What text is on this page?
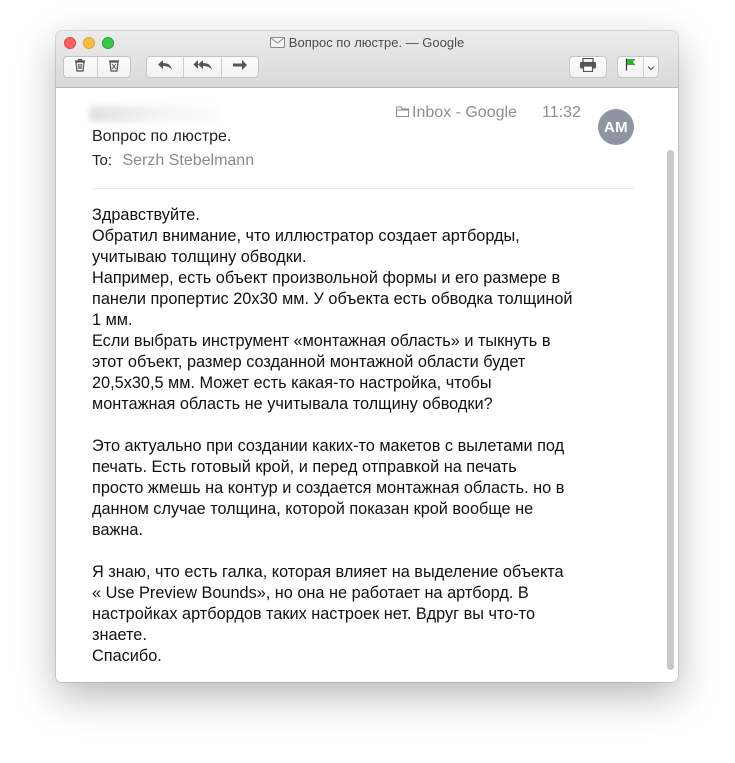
Вопрос по люстре. — Google
Вопрос по люстре.
To: Serzh Stebelmann
Inbox - Google 11:32
AM
Здравствуйте.
Обратил внимание, что иллюстратор создает артборды,
учитываю толщину обводки.
Например, есть объект произвольной формы и его размере в
панели пропертис 20х30 мм. У объекта есть обводка толщиной
1 мм.
Если выбрать инструмент «монтажная область» и тыкнуть в
этот объект, размер созданной монтажной области будет
20,5х30,5 мм. Может есть какая-то настройка, чтобы
монтажная область не учитывала толщину обводки?
Это актуально при создании каких-то макетов с вылетами под
печать. Есть готовый крой, и перед отправкой на печать
просто жмешь на контур и создается монтажная область. но в
данном случае толщина, которой показан крой вообще не
важна.
Я знаю, что есть галка, которая влияет на выделение объекта
« Use Preview Bounds», но она не работает на артборд. В
настройках артбордов таких настроек нет. Вдруг вы что-то
знаете.
Спасибо.
